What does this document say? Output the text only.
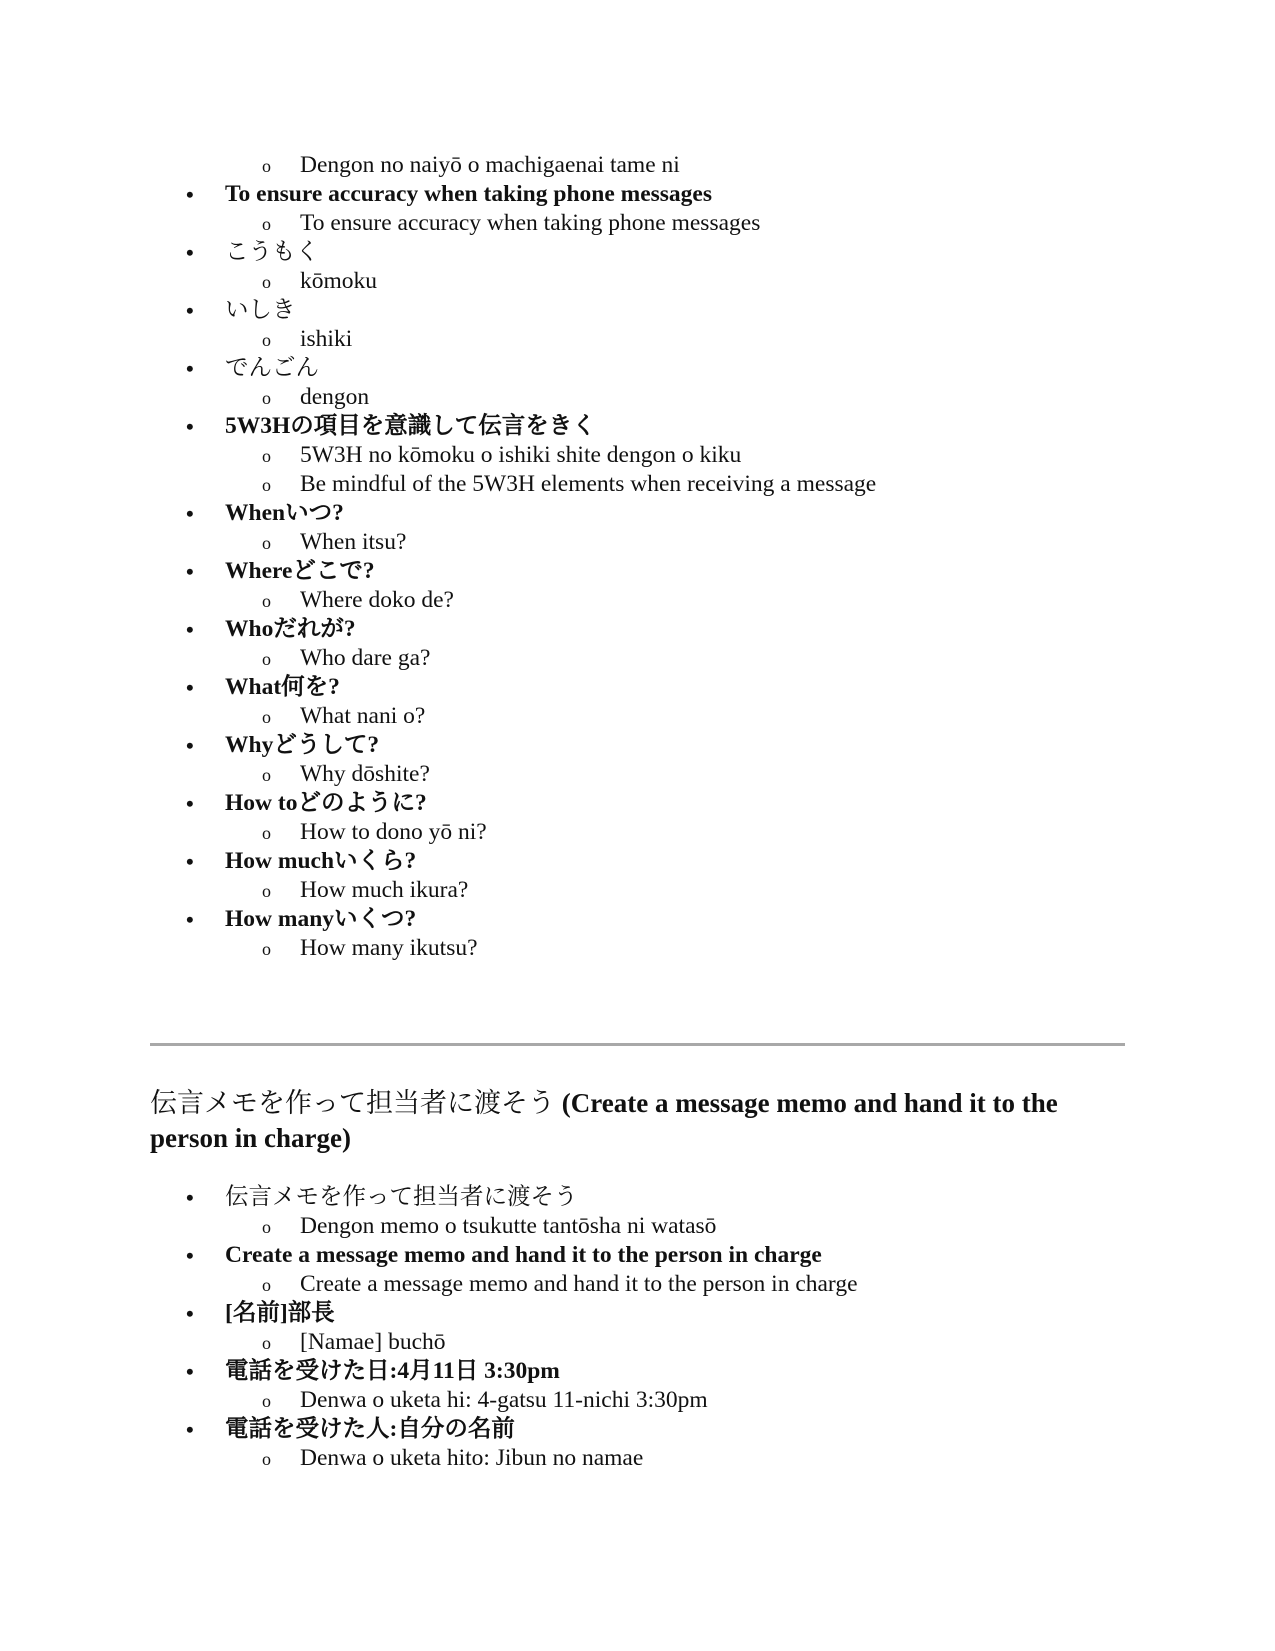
o Dengon no naiyō o machigaenai tame ni
• To ensure accuracy when taking phone messages
o To ensure accuracy when taking phone messages
• こうもく
o kōmoku
• いしき
o ishiki
• でんごん
o dengon
• 5W3Hの項目を意識して伝言をきく
o 5W3H no kōmoku o ishiki shite dengon o kiku
o Be mindful of the 5W3H elements when receiving a message
• Whenいつ?
o When itsu?
• Whereどこで?
o Where doko de?
• Whoだれが?
o Who dare ga?
• What何を?
o What nani o?
• Whyどうして?
o Why dōshite?
• How toどのように?
o How to dono yō ni?
• How muchいくら?
o How much ikura?
• How manyいくつ?
o How many ikutsu?
伝言メモを作って担当者に渡そう (Create a message memo and hand it to the person in charge)
• 伝言メモを作って担当者に渡そう
o Dengon memo o tsukutte tantōsha ni watasō
• Create a message memo and hand it to the person in charge
o Create a message memo and hand it to the person in charge
• [名前]部長
o [Namae] buchō
• 電話を受けた日:4月11日 3:30pm
o Denwa o uketa hi: 4-gatsu 11-nichi 3:30pm
• 電話を受けた人:自分の名前
o Denwa o uketa hito: Jibun no namae
